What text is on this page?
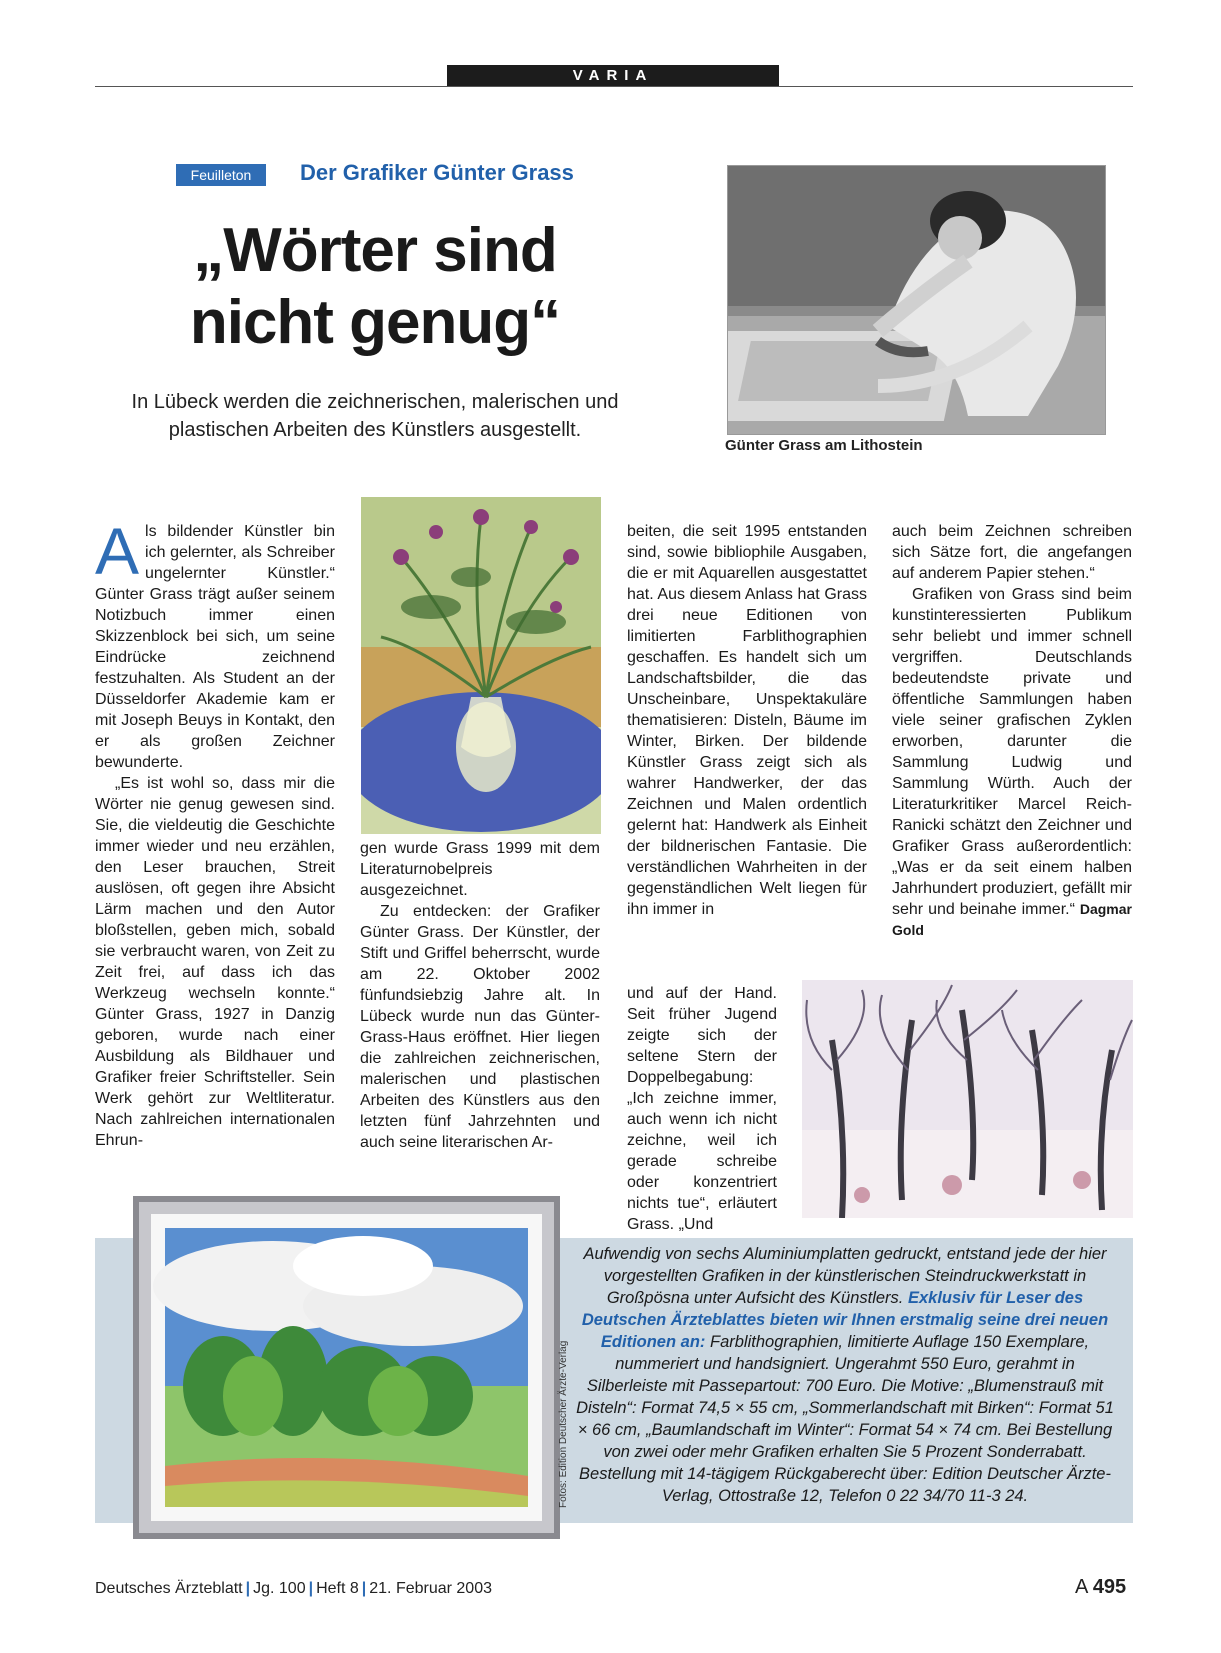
VARIA
Feuilleton	Der Grafiker Günter Grass
„Wörter sind
nicht genug“
In Lübeck werden die zeichnerischen, malerischen und
plastischen Arbeiten des Künstlers ausgestellt.
Günter Grass am Lithostein

Als bildender Künstler bin ich gelernter, als Schreiber ungelernter Künstler.“ Günter Grass trägt außer seinem Notizbuch immer einen Skizzenblock bei sich, um seine Eindrücke zeichnend festzuhalten. Als Student an der Düsseldorfer Akademie kam er mit Joseph Beuys in Kontakt, den er als großen Zeichner bewunderte.

„Es ist wohl so, dass mir die Wörter nie genug gewesen sind. Sie, die vieldeutig die Geschichte immer wieder und neu erzählen, den Leser brauchen, Streit auslösen, oft gegen ihre Absicht Lärm machen und den Autor bloßstellen, geben mich, sobald sie verbraucht waren, von Zeit zu Zeit frei, auf dass ich das Werkzeug wechseln konnte.“ Günter Grass, 1927 in Danzig geboren, wurde nach einer Ausbildung als Bildhauer und Grafiker freier Schriftsteller. Sein Werk gehört zur Weltliteratur. Nach zahlreichen internationalen Ehrun-

gen wurde Grass 1999 mit dem Literaturnobelpreis ausgezeichnet.

Zu entdecken: der Grafiker Günter Grass. Der Künstler, der Stift und Griffel beherrscht, wurde am 22. Oktober 2002 fünfundsiebzig Jahre alt. In Lübeck wurde nun das Günter-Grass-Haus eröffnet. Hier liegen die zahlreichen zeichnerischen, malerischen und plastischen Arbeiten des Künstlers aus den letzten fünf Jahrzehnten und auch seine literarischen Ar-

beiten, die seit 1995 entstanden sind, sowie bibliophile Ausgaben, die er mit Aquarellen ausgestattet hat. Aus diesem Anlass hat Grass drei neue Editionen von limitierten Farblithographien geschaffen. Es handelt sich um Landschaftsbilder, die das Unscheinbare, Unspektakuläre thematisieren: Disteln, Bäume im Winter, Birken. Der bildende Künstler Grass zeigt sich als wahrer Handwerker, der das Zeichnen und Malen ordentlich gelernt hat: Handwerk als Einheit der bildnerischen Fantasie. Die verständlichen Wahrheiten in der gegenständlichen Welt liegen für ihn immer in

und auf der Hand. Seit früher Jugend zeigte sich der seltene Stern der Doppelbegabung: „Ich zeichne immer, auch wenn ich nicht zeichne, weil ich gerade schreibe oder konzentriert nichts tue“, erläutert Grass. „Und

auch beim Zeichnen schreiben sich Sätze fort, die angefangen auf anderem Papier stehen.“

Grafiken von Grass sind beim kunstinteressierten Publikum sehr beliebt und immer schnell vergriffen. Deutschlands bedeutendste private und öffentliche Sammlungen haben viele seiner grafischen Zyklen erworben, darunter die Sammlung Ludwig und Sammlung Würth. Auch der Literaturkritiker Marcel Reich-Ranicki schätzt den Zeichner und Grafiker Grass außerordentlich: „Was er da seit einem halben Jahrhundert produziert, gefällt mir sehr und beinahe immer.“ Dagmar Gold

Fotos: Edition Deutscher Ärzte-Verlag
Aufwendig von sechs Aluminiumplatten gedruckt, entstand jede der hier vorgestellten Grafiken in der künstlerischen Steindruckwerkstatt in Großpösna unter Aufsicht des Künstlers. Exklusiv für Leser des Deutschen Ärzteblattes bieten wir Ihnen erstmalig seine drei neuen Editionen an: Farblithographien, limitierte Auflage 150 Exemplare, nummeriert und handsigniert. Ungerahmt 550 Euro, gerahmt in Silberleiste mit Passepartout: 700 Euro. Die Motive: „Blumenstrauß mit Disteln“: Format 74,5 × 55 cm, „Sommerlandschaft mit Birken“: Format 51 × 66 cm, „Baumlandschaft im Winter“: Format 54 × 74 cm. Bei Bestellung von zwei oder mehr Grafiken erhalten Sie 5 Prozent Sonderrabatt. Bestellung mit 14-tägigem Rückgaberecht über: Edition Deutscher Ärzte-Verlag, Ottostraße 12, Telefon 0 22 34/70 11-3 24.
Deutsches Ärzteblatt | Jg. 100 | Heft 8 | 21. Februar 2003	A 495
